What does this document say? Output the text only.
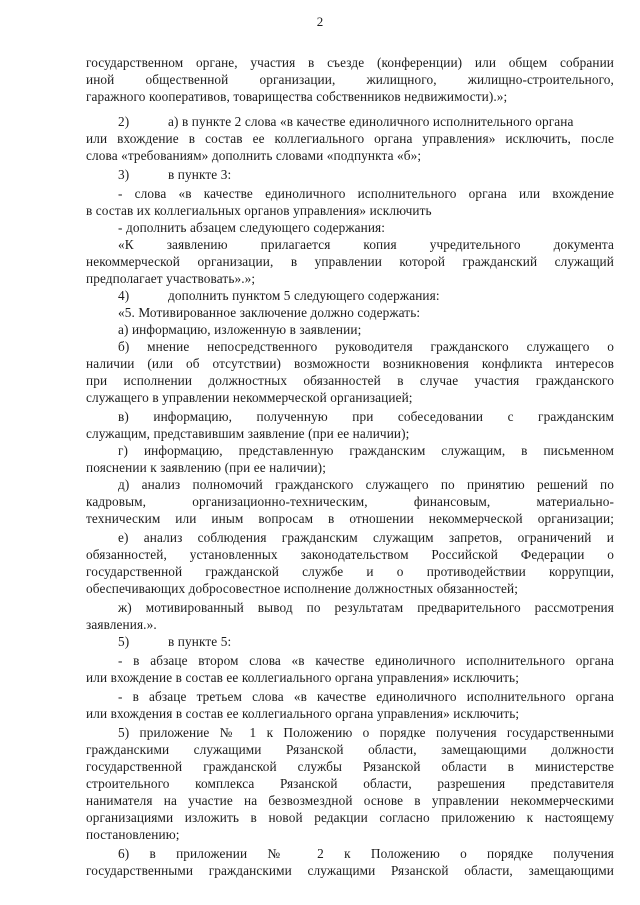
2
государственном органе, участия в съезде (конференции) или общем собрании
иной общественной организации, жилищного, жилищно-строительного,
гаражного кооперативов, товарищества собственников недвижимости).»;
2)	а) в пункте 2 слова «в качестве единоличного исполнительного органа
или вхождение в состав ее коллегиального органа управления» исключить, после
слова «требованиям» дополнить словами «подпункта «б»;
3)	в пункте 3:
- слова «в качестве единоличного исполнительного органа или вхождение
в состав их коллегиальных органов управления» исключить
- дополнить абзацем следующего содержания:
«К заявлению прилагается копия учредительного документа
некоммерческой организации, в управлении которой гражданский служащий
предполагает участвовать».»;
4)	дополнить пунктом 5 следующего содержания:
«5. Мотивированное заключение должно содержать:
а) информацию, изложенную в заявлении;
б) мнение непосредственного руководителя гражданского служащего о
наличии (или об отсутствии) возможности возникновения конфликта интересов
при исполнении должностных обязанностей в случае участия гражданского
служащего в управлении некоммерческой организацией;
в) информацию, полученную при собеседовании с гражданским
служащим, представившим заявление (при ее наличии);
г) информацию, представленную гражданским служащим, в письменном
пояснении к заявлению (при ее наличии);
д) анализ полномочий гражданского служащего по принятию решений по
кадровым, организационно-техническим, финансовым, материально-
техническим или иным вопросам в отношении некоммерческой организации;
е) анализ соблюдения гражданским служащим запретов, ограничений и
обязанностей, установленных законодательством Российской Федерации о
государственной гражданской службе и о противодействии коррупции,
обеспечивающих добросовестное исполнение должностных обязанностей;
ж) мотивированный вывод по результатам предварительного рассмотрения
заявления.».
5)	в пункте 5:
- в абзаце втором слова «в качестве единоличного исполнительного органа
или вхождение в состав ее коллегиального органа управления» исключить;
- в абзаце третьем слова «в качестве единоличного исполнительного органа
или вхождения в состав ее коллегиального органа управления» исключить;
5) приложение № 1 к Положению о порядке получения государственными
гражданскими служащими Рязанской области, замещающими должности
государственной гражданской службы Рязанской области в министерстве
строительного комплекса Рязанской области, разрешения представителя
нанимателя на участие на безвозмездной основе в управлении некоммерческими
организациями изложить в новой редакции согласно приложению к настоящему
постановлению;
6) в приложении № 2 к Положению о порядке получения
государственными гражданскими служащими Рязанской области, замещающими
